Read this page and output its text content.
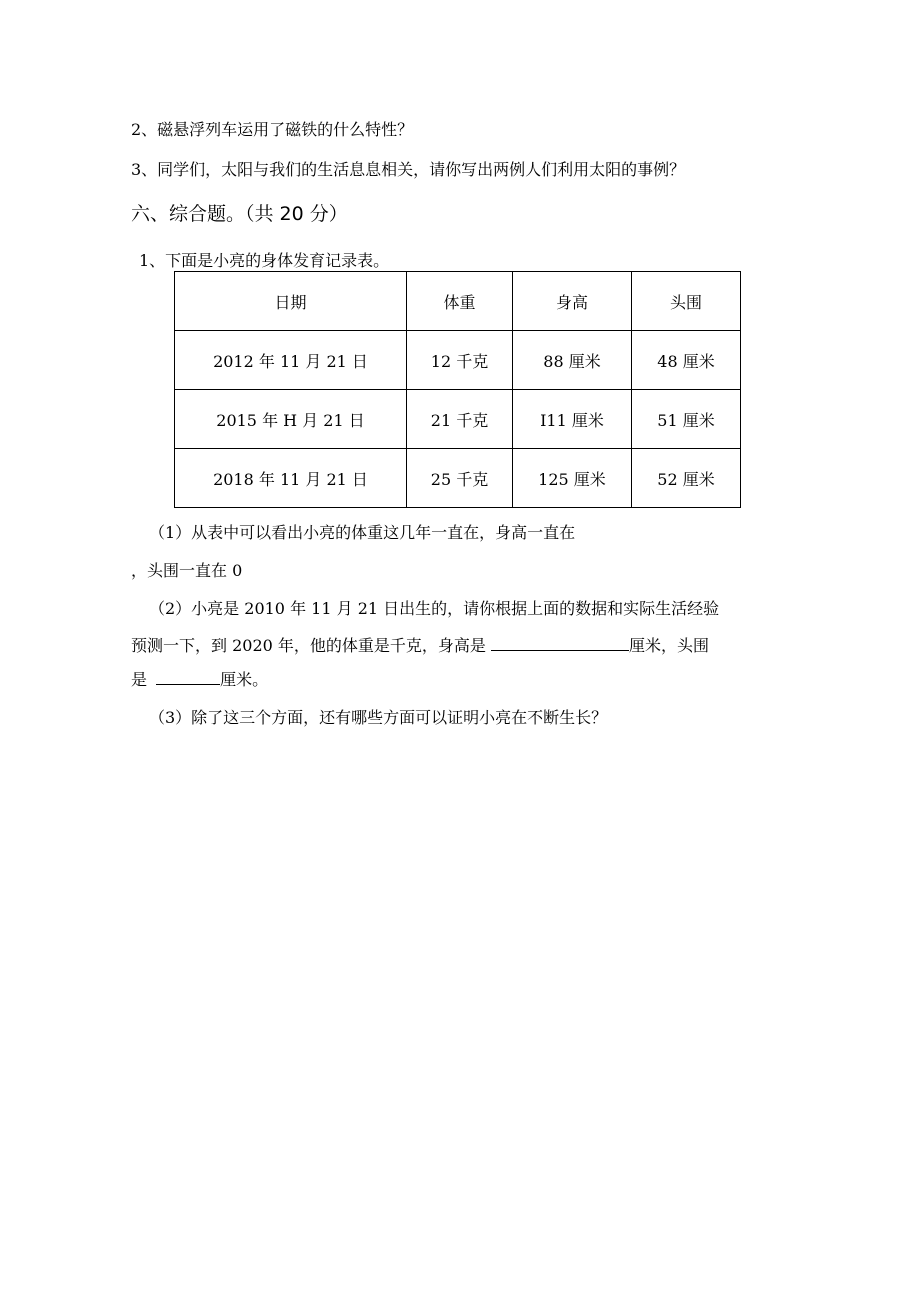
2、磁悬浮列车运用了磁铁的什么特性？
3、同学们，太阳与我们的生活息息相关，请你写出两例人们利用太阳的事例？
六、综合题。（共 20 分）
1、下面是小亮的身体发育记录表。
日期	体重	身高	头围
2012 年 11 月 21 日	12 千克	88 厘米	48 厘米
2015 年 H 月 21 日	21 千克	I11 厘米	51 厘米
2018 年 11 月 21 日	25 千克	125 厘米	52 厘米
（1）从表中可以看出小亮的体重这几年一直在，身高一直在
，头围一直在 0
（2）小亮是 2010 年 11 月 21 日出生的，请你根据上面的数据和实际生活经验
预测一下，到 2020 年，他的体重是千克，身高是	厘米，头围
是	厘米。
（3）除了这三个方面，还有哪些方面可以证明小亮在不断生长？
